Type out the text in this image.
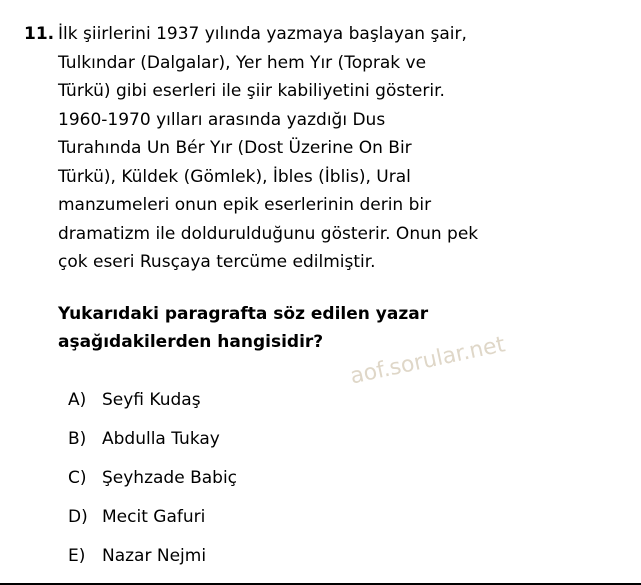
11. İlk şiirlerini 1937 yılında yazmaya başlayan şair,
Tulkındar (Dalgalar), Yer hem Yır (Toprak ve
Türkü) gibi eserleri ile şiir kabiliyetini gösterir.
1960-1970 yılları arasında yazdığı Dus
Turahında Un Bér Yır (Dost Üzerine On Bir
Türkü), Küldek (Gömlek), İbles (İblis), Ural
manzumeleri onun epik eserlerinin derin bir
dramatizm ile doldurulduğunu gösterir. Onun pek
çok eseri Rusçaya tercüme edilmiştir.

Yukarıdaki paragrafta söz edilen yazar
aşağıdakilerden hangisidir?

A) Seyfi Kudaş
B) Abdulla Tukay
C) Şeyhzade Babiç
D) Mecit Gafuri
E) Nazar Nejmi
aof.sorular.net
